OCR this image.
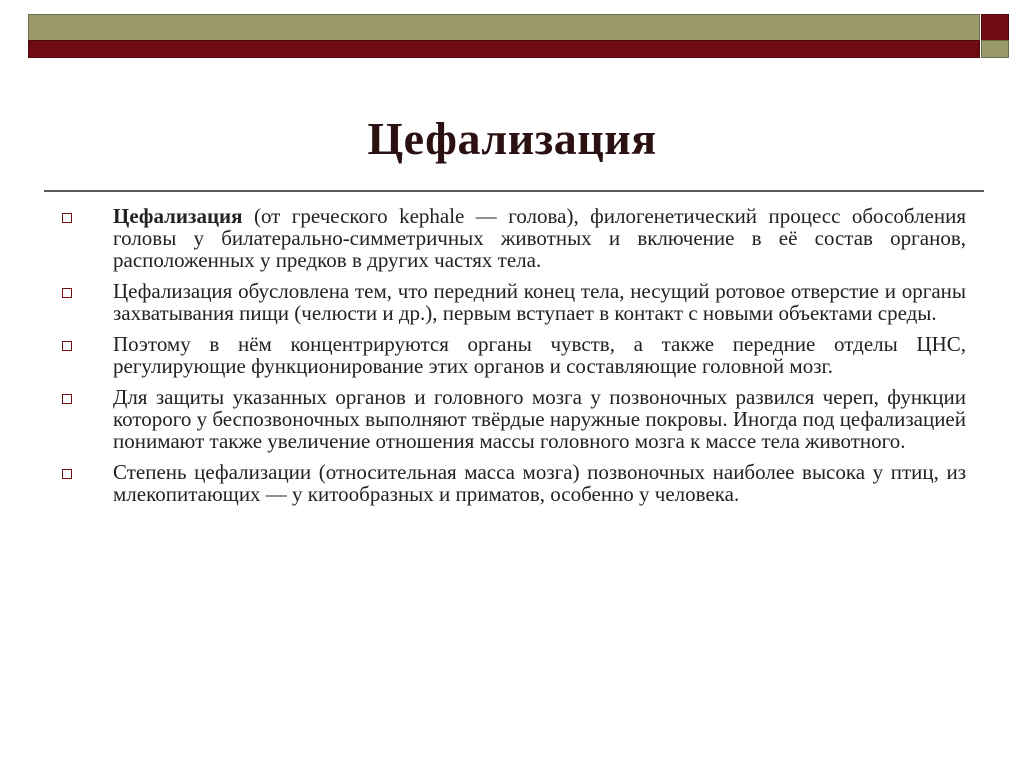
Цефализация
Цефализация (от греческого kephale — голова), филогенетический процесс обособления головы у билатерально-симметричных животных и включение в её состав органов, расположенных у предков в других частях тела.
Цефализация обусловлена тем, что передний конец тела, несущий ротовое отверстие и органы захватывания пищи (челюсти и др.), первым вступает в контакт с новыми объектами среды.
Поэтому в нём концентрируются органы чувств, а также передние отделы ЦНС, регулирующие функционирование этих органов и составляющие головной мозг.
Для защиты указанных органов и головного мозга у позвоночных развился череп, функции которого у беспозвоночных выполняют твёрдые наружные покровы. Иногда под цефализацией понимают также увеличение отношения массы головного мозга к массе тела животного.
Степень цефализации (относительная масса мозга) позвоночных наиболее высока у птиц, из млекопитающих — у китообразных и приматов, особенно у человека.
